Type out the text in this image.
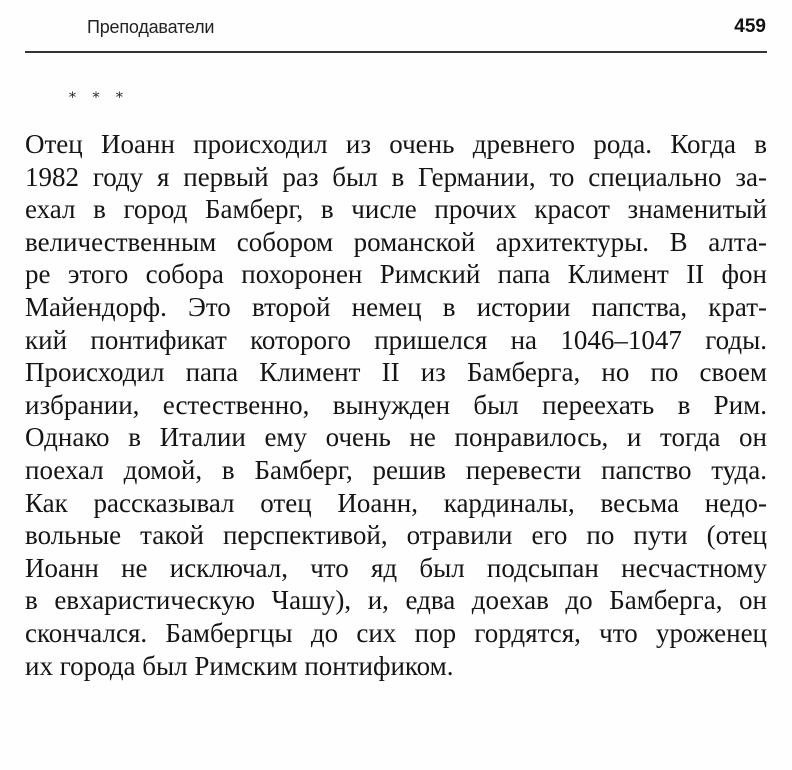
Преподаватели	459
* * *
Отец Иоанн происходил из очень древнего рода. Когда в
1982 году я первый раз был в Германии, то специально за-
ехал в город Бамберг, в числе прочих красот знаменитый
величественным собором романской архитектуры. В алта-
ре этого собора похоронен Римский папа Климент II фон
Майендорф. Это второй немец в истории папства, крат-
кий понтификат которого пришелся на 1046–1047 годы.
Происходил папа Климент II из Бамберга, но по своем
избрании, естественно, вынужден был переехать в Рим.
Однако в Италии ему очень не понравилось, и тогда он
поехал домой, в Бамберг, решив перевести папство туда.
Как рассказывал отец Иоанн, кардиналы, весьма недо-
вольные такой перспективой, отравили его по пути (отец
Иоанн не исключал, что яд был подсыпан несчастному
в евхаристическую Чашу), и, едва доехав до Бамберга, он
скончался. Бамбергцы до сих пор гордятся, что уроженец
их города был Римским понтификом.
